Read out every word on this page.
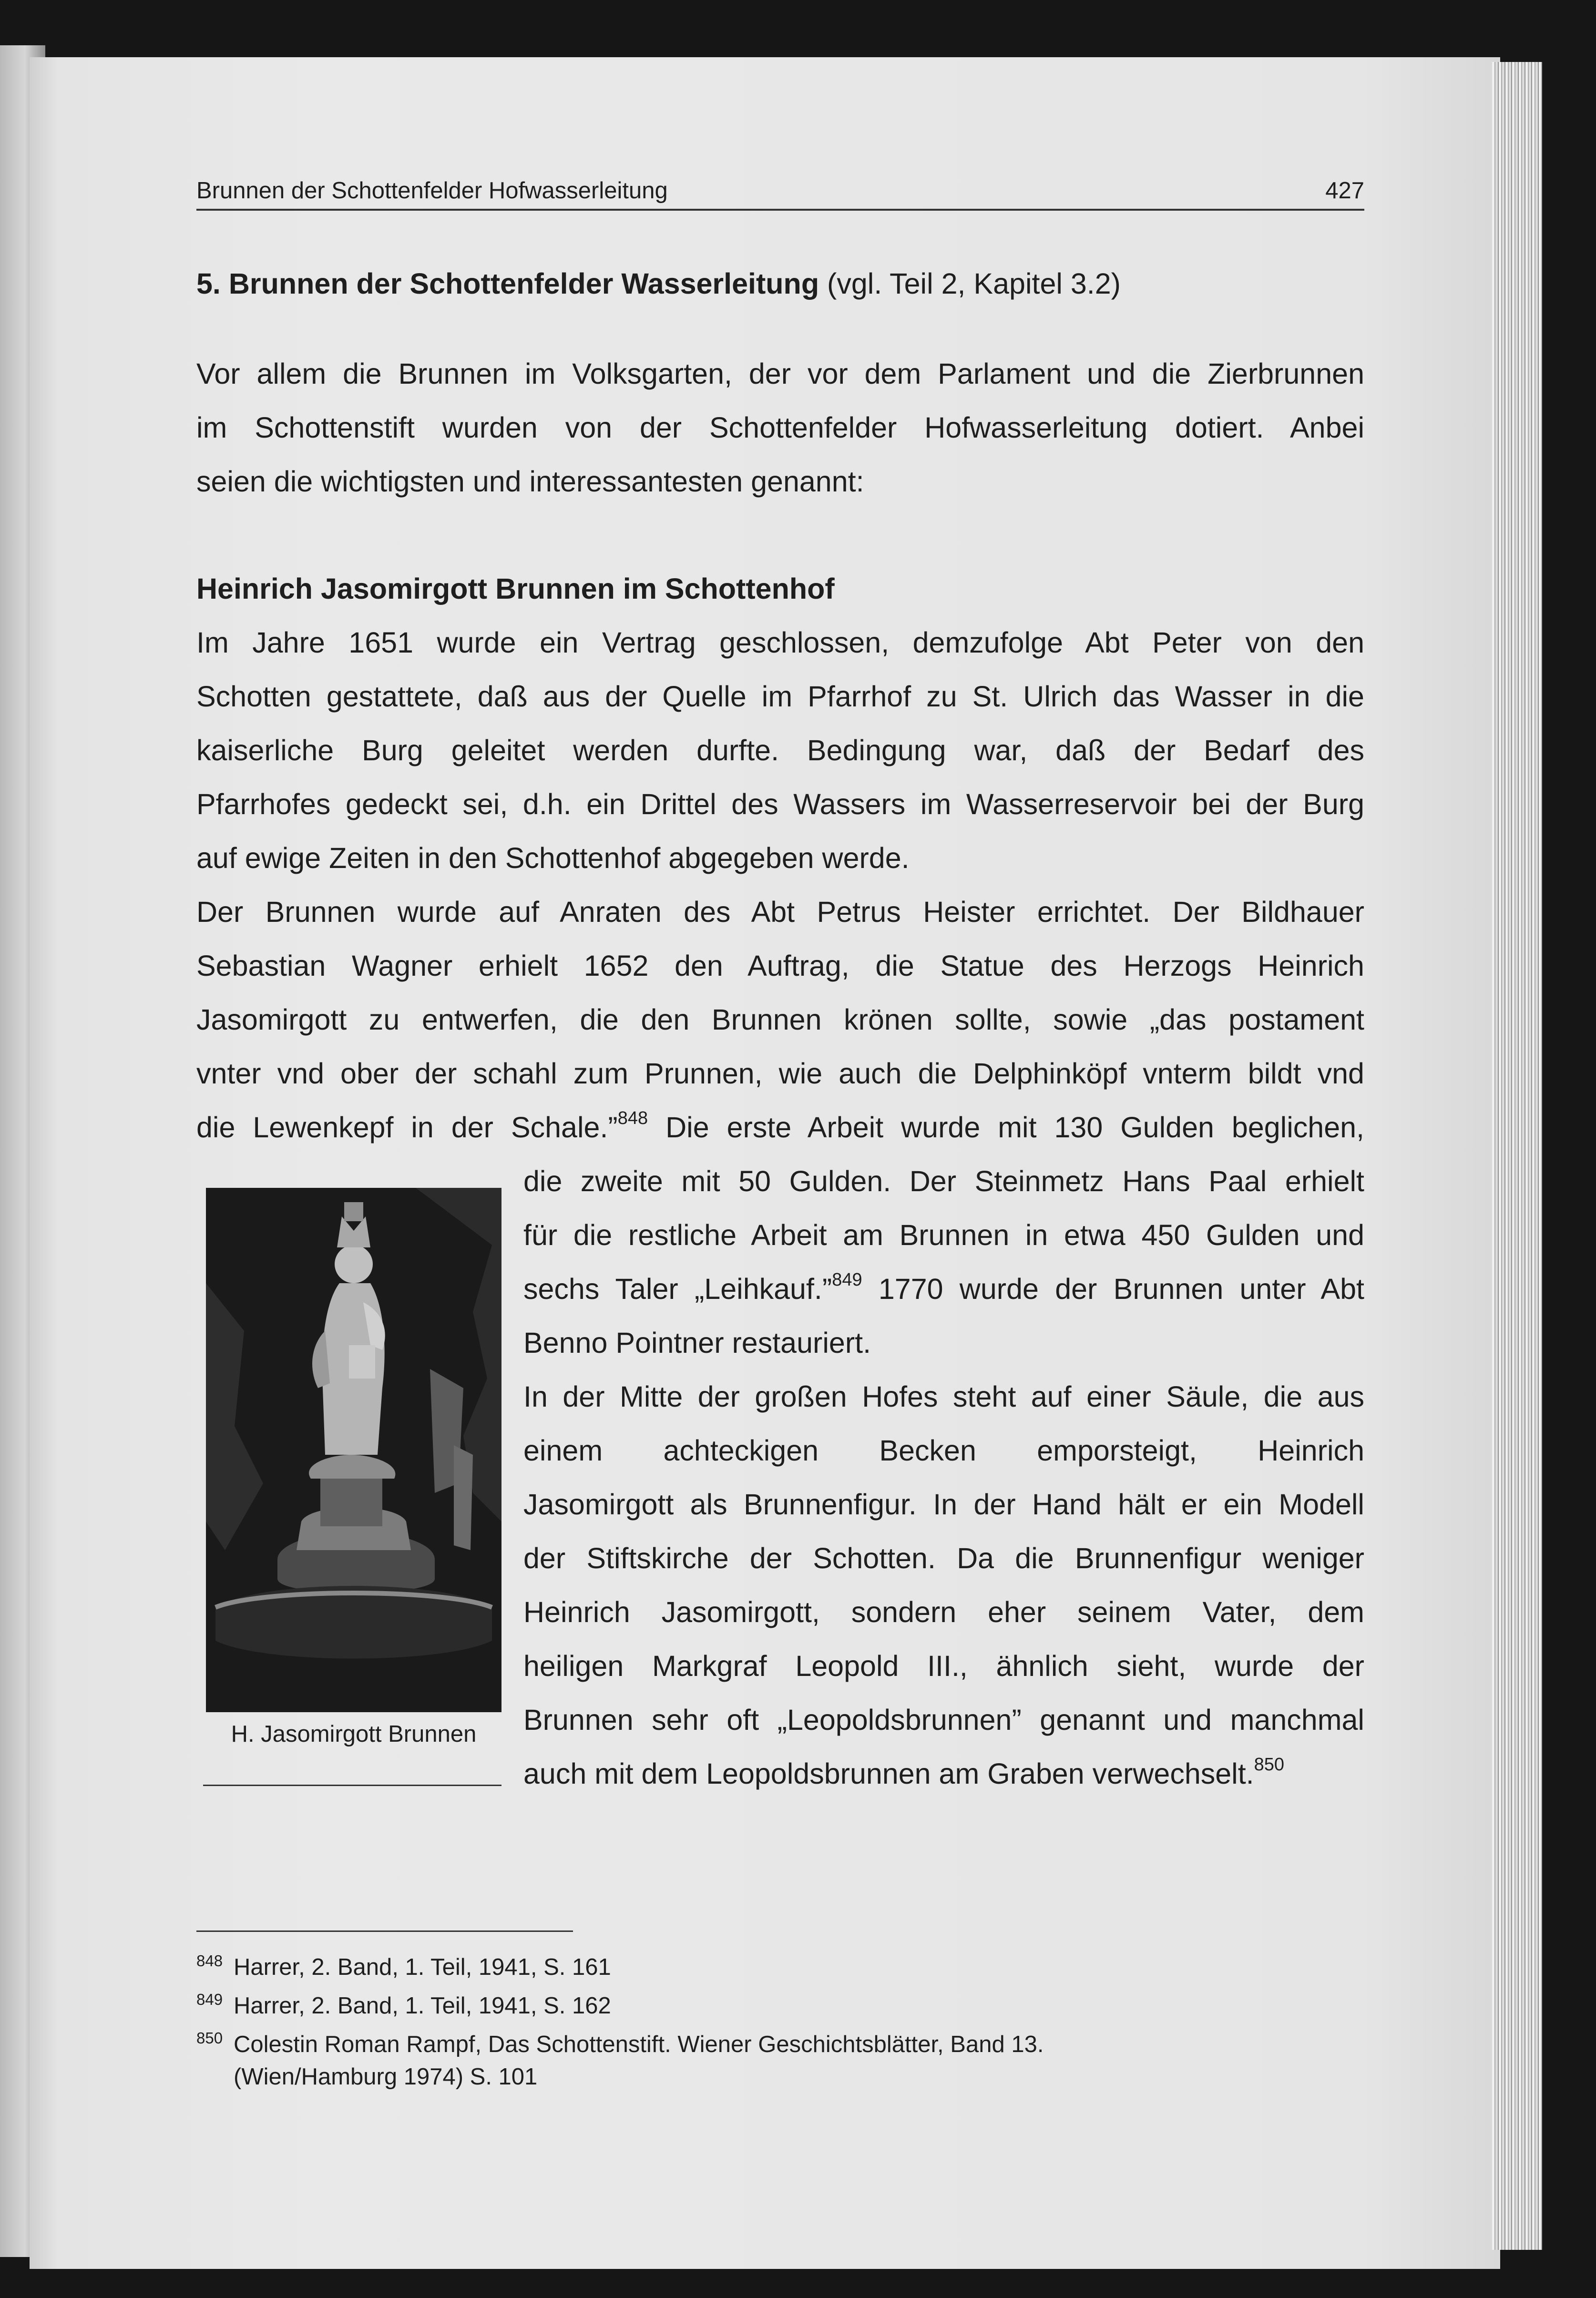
Brunnen der Schottenfelder Hofwasserleitung	427
5. Brunnen der Schottenfelder Wasserleitung (vgl. Teil 2, Kapitel 3.2)
Vor allem die Brunnen im Volksgarten, der vor dem Parlament und die Zierbrunnen
im Schottenstift wurden von der Schottenfelder Hofwasserleitung dotiert. Anbei
seien die wichtigsten und interessantesten genannt:
Heinrich Jasomirgott Brunnen im Schottenhof
Im Jahre 1651 wurde ein Vertrag geschlossen, demzufolge Abt Peter von den
Schotten gestattete, daß aus der Quelle im Pfarrhof zu St. Ulrich das Wasser in die
kaiserliche Burg geleitet werden durfte. Bedingung war, daß der Bedarf des
Pfarrhofes gedeckt sei, d.h. ein Drittel des Wassers im Wasserreservoir bei der Burg
auf ewige Zeiten in den Schottenhof abgegeben werde.
Der Brunnen wurde auf Anraten des Abt Petrus Heister errichtet. Der Bildhauer
Sebastian Wagner erhielt 1652 den Auftrag, die Statue des Herzogs Heinrich
Jasomirgott zu entwerfen, die den Brunnen krönen sollte, sowie „das postament
vnter vnd ober der schahl zum Prunnen, wie auch die Delphinköpf vnterm bildt vnd
die Lewenkepf in der Schale.”$^{848}$ Die erste Arbeit wurde mit 130 Gulden beglichen,
die zweite mit 50 Gulden. Der Steinmetz Hans Paal erhielt
für die restliche Arbeit am Brunnen in etwa 450 Gulden und
sechs Taler „Leihkauf.”$^{849}$ 1770 wurde der Brunnen unter Abt
Benno Pointner restauriert.
In der Mitte der großen Hofes steht auf einer Säule, die aus
einem achteckigen Becken emporsteigt, Heinrich
Jasomirgott als Brunnenfigur. In der Hand hält er ein Modell
der Stiftskirche der Schotten. Da die Brunnenfigur weniger
Heinrich Jasomirgott, sondern eher seinem Vater, dem
heiligen Markgraf Leopold III., ähnlich sieht, wurde der
Brunnen sehr oft „Leopoldsbrunnen” genannt und manchmal
auch mit dem Leopoldsbrunnen am Graben verwechselt.$^{850}$
H. Jasomirgott Brunnen
848 Harrer, 2. Band, 1. Teil, 1941, S. 161
849 Harrer, 2. Band, 1. Teil, 1941, S. 162
850 Colestin Roman Rampf, Das Schottenstift. Wiener Geschichtsblätter, Band 13.
(Wien/Hamburg 1974) S. 101
